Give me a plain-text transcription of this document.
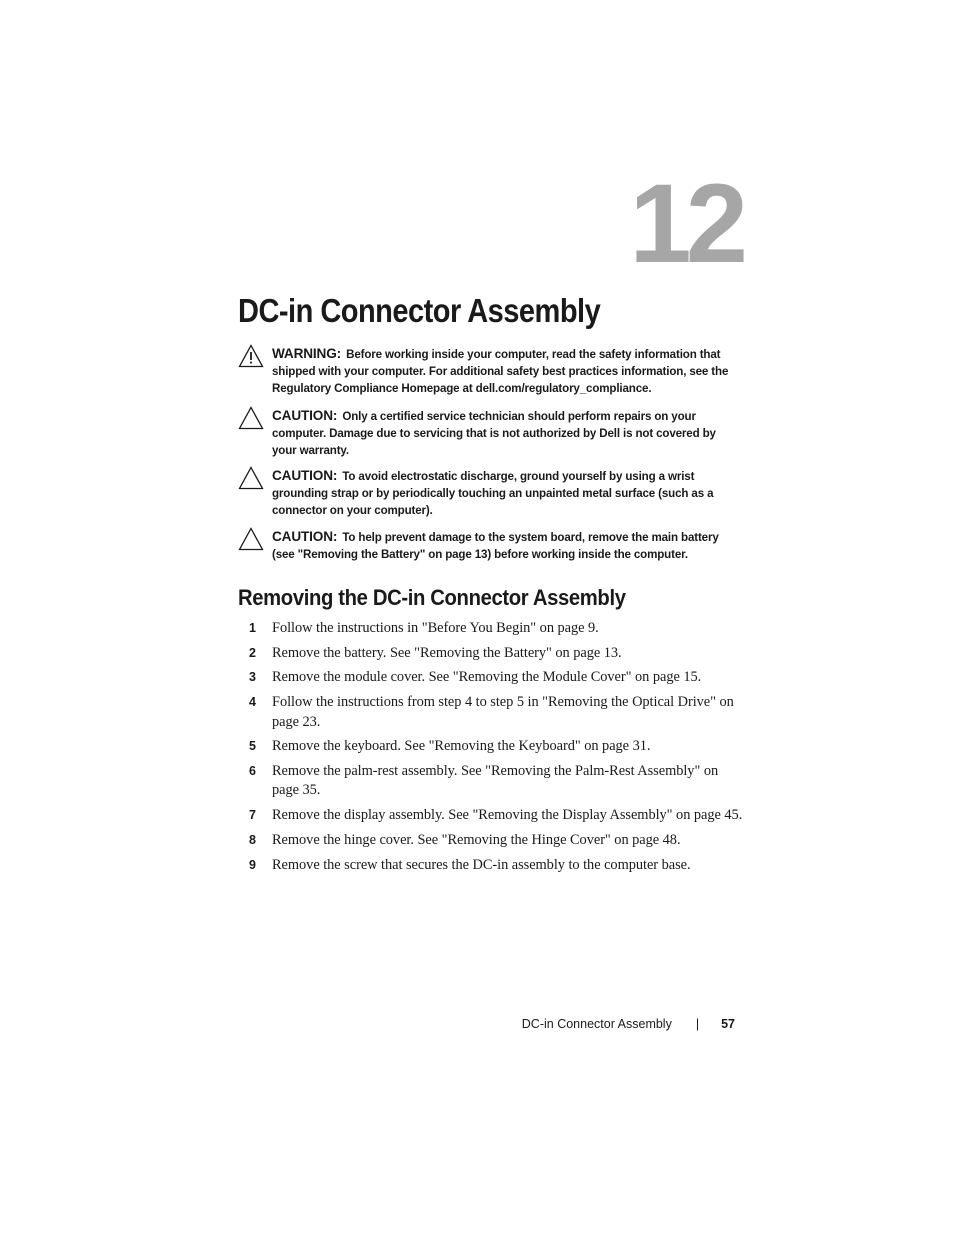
12
DC-in Connector Assembly
WARNING: Before working inside your computer, read the safety information that shipped with your computer. For additional safety best practices information, see the Regulatory Compliance Homepage at dell.com/regulatory_compliance.
CAUTION: Only a certified service technician should perform repairs on your computer. Damage due to servicing that is not authorized by Dell is not covered by your warranty.
CAUTION: To avoid electrostatic discharge, ground yourself by using a wrist grounding strap or by periodically touching an unpainted metal surface (such as a connector on your computer).
CAUTION: To help prevent damage to the system board, remove the main battery (see "Removing the Battery" on page 13) before working inside the computer.
Removing the DC-in Connector Assembly
1 Follow the instructions in "Before You Begin" on page 9.
2 Remove the battery. See "Removing the Battery" on page 13.
3 Remove the module cover. See "Removing the Module Cover" on page 15.
4 Follow the instructions from step 4 to step 5 in "Removing the Optical Drive" on page 23.
5 Remove the keyboard. See "Removing the Keyboard" on page 31.
6 Remove the palm-rest assembly. See "Removing the Palm-Rest Assembly" on page 35.
7 Remove the display assembly. See "Removing the Display Assembly" on page 45.
8 Remove the hinge cover. See "Removing the Hinge Cover" on page 48.
9 Remove the screw that secures the DC-in assembly to the computer base.
DC-in Connector Assembly | 57
